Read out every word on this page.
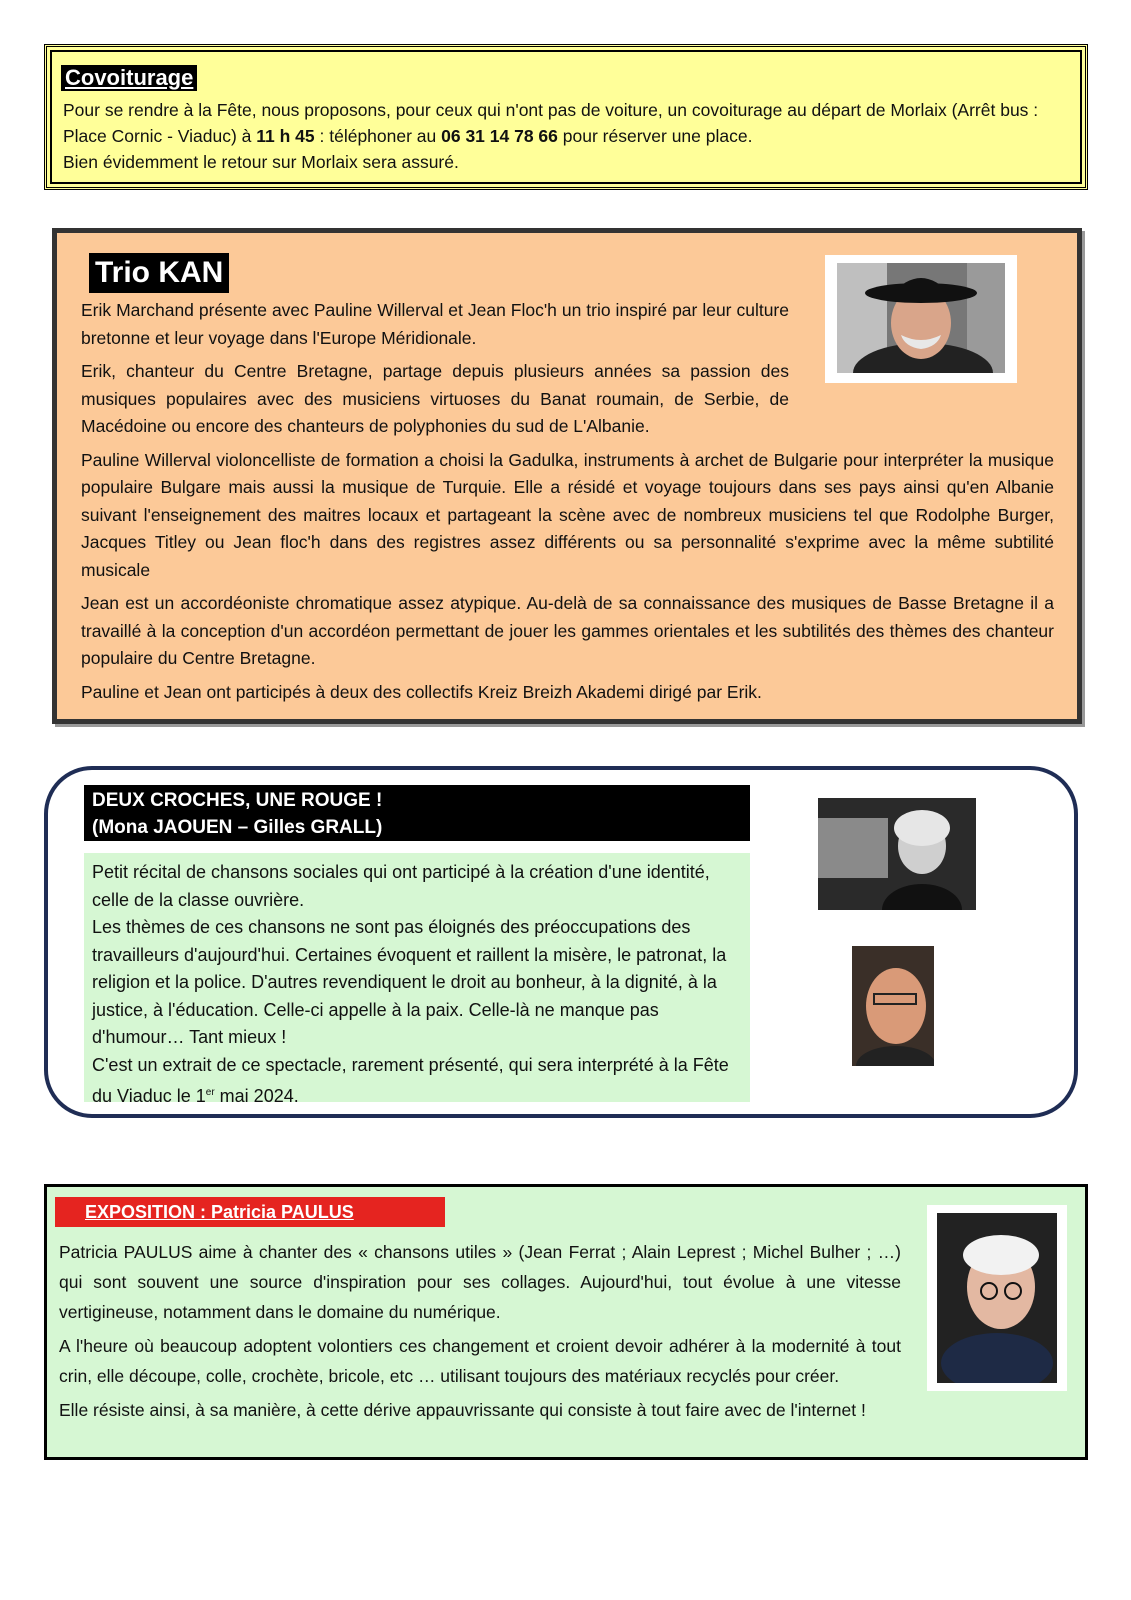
Covoiturage
Pour se rendre à la Fête, nous proposons, pour ceux qui n'ont pas de voiture, un covoiturage au départ de Morlaix (Arrêt bus : Place Cornic - Viaduc) à 11 h 45 : téléphoner au 06 31 14 78 66 pour réserver une place.
Bien évidemment le retour sur Morlaix sera assuré.
Trio KAN

Erik Marchand présente avec Pauline Willerval et Jean Floc'h un trio inspiré par leur culture bretonne et leur voyage dans l'Europe Méridionale.

Erik, chanteur du Centre Bretagne, partage depuis plusieurs années sa passion des musiques populaires avec des musiciens virtuoses du Banat roumain, de Serbie, de Macédoine ou encore des chanteurs de polyphonies du sud de L'Albanie.

Pauline Willerval violoncelliste de formation a choisi la Gadulka, instruments à archet de Bulgarie pour interpréter la musique populaire Bulgare mais aussi la musique de Turquie. Elle a résidé et voyage toujours dans ses pays ainsi qu'en Albanie suivant l'enseignement des maitres locaux et partageant la scène avec de nombreux musiciens tel que Rodolphe Burger, Jacques Titley ou Jean floc'h dans des registres assez différents ou sa personnalité s'exprime avec la même subtilité musicale

Jean est un accordéoniste chromatique assez atypique. Au-delà de sa connaissance des musiques de Basse Bretagne il a travaillé à la conception d'un accordéon permettant de jouer les gammes orientales et les subtilités des thèmes des chanteur populaire du Centre Bretagne.

Pauline et Jean ont participés à deux des collectifs Kreiz Breizh Akademi dirigé par Erik.

DEUX CROCHES, UNE ROUGE !
(Mona JAOUEN – Gilles GRALL)
Petit récital de chansons sociales qui ont participé à la création d'une identité, celle de la classe ouvrière.
Les thèmes de ces chansons ne sont pas éloignés des préoccupations des travailleurs d'aujourd'hui. Certaines évoquent et raillent la misère, le patronat, la religion et la police. D'autres revendiquent le droit au bonheur, à la dignité, à la justice, à l'éducation. Celle-ci appelle à la paix. Celle-là ne manque pas d'humour… Tant mieux !
C'est un extrait de ce spectacle, rarement présenté, qui sera interprété à la Fête du Viaduc le 1er mai 2024.
EXPOSITION : Patricia PAULUS

Patricia PAULUS aime à chanter des « chansons utiles » (Jean Ferrat ; Alain Leprest ; Michel Bulher ; …) qui sont souvent une source d'inspiration pour ses collages. Aujourd'hui, tout évolue à une vitesse vertigineuse, notamment dans le domaine du numérique.

A l'heure où beaucoup adoptent volontiers ces changement et croient devoir adhérer à la modernité à tout crin, elle découpe, colle, crochète, bricole, etc … utilisant toujours des matériaux recyclés pour créer.

Elle résiste ainsi, à sa manière, à cette dérive appauvrissante qui consiste à tout faire avec de l'internet !
